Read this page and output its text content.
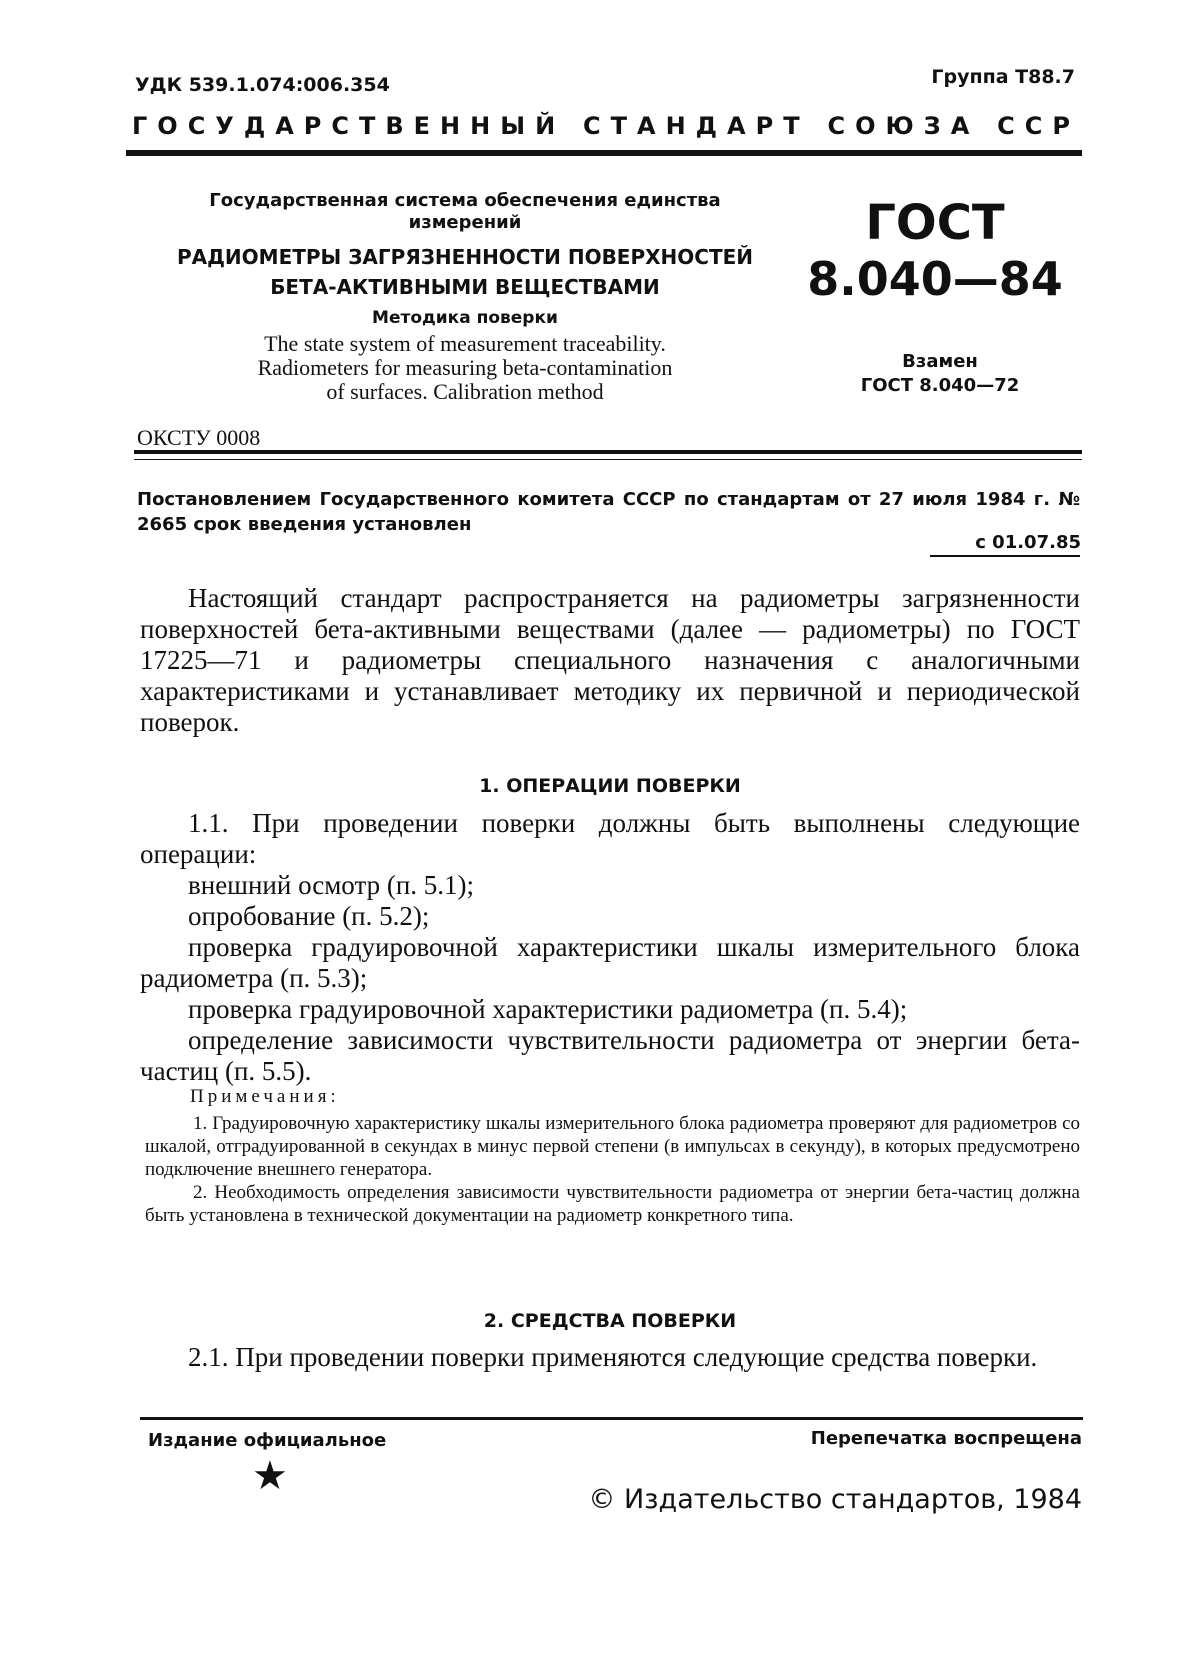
УДК 539.1.074:006.354	Группа Т88.7
ГОСУДАРСТВЕННЫЙ СТАНДАРТ СОЮЗА ССР
Государственная система обеспечения единства
измерений
РАДИОМЕТРЫ ЗАГРЯЗНЕННОСТИ ПОВЕРХНОСТЕЙ
БЕТА-АКТИВНЫМИ ВЕЩЕСТВАМИ
Методика поверки
The state system of measurement traceability.
Radiometers for measuring beta-contamination
of surfaces. Calibration method
ГОСТ
8.040—84
Взамен
ГОСТ 8.040—72
ОКСТУ 0008
Постановлением Государственного комитета СССР по стандартам от 27 июля 1984 г. № 2665 срок введения установлен
с 01.07.85
Настоящий стандарт распространяется на радиометры загрязненности поверхностей бета-активными веществами (далее — радиометры) по ГОСТ 17225—71 и радиометры специального назначения с аналогичными характеристиками и устанавливает методику их первичной и периодической поверок.
1. ОПЕРАЦИИ ПОВЕРКИ

1.1. При проведении поверки должны быть выполнены следующие операции:

внешний осмотр (п. 5.1);

опробование (п. 5.2);

проверка градуировочной характеристики шкалы измерительного блока радиометра (п. 5.3);

проверка градуировочной характеристики радиометра (п. 5.4);

определение зависимости чувствительности радиометра от энергии бета-частиц (п. 5.5).

Примечания:

1. Градуировочную характеристику шкалы измерительного блока радиометра проверяют для радиометров со шкалой, отградуированной в секундах в минус первой степени (в импульсах в секунду), в которых предусмотрено подключение внешнего генератора.

2. Необходимость определения зависимости чувствительности радиометра от энергии бета-частиц должна быть установлена в технической документации на радиометр конкретного типа.

2. СРЕДСТВА ПОВЕРКИ
2.1. При проведении поверки применяются следующие средства поверки.
Издание официальное	Перепечатка воспрещена
★
© Издательство стандартов, 1984
